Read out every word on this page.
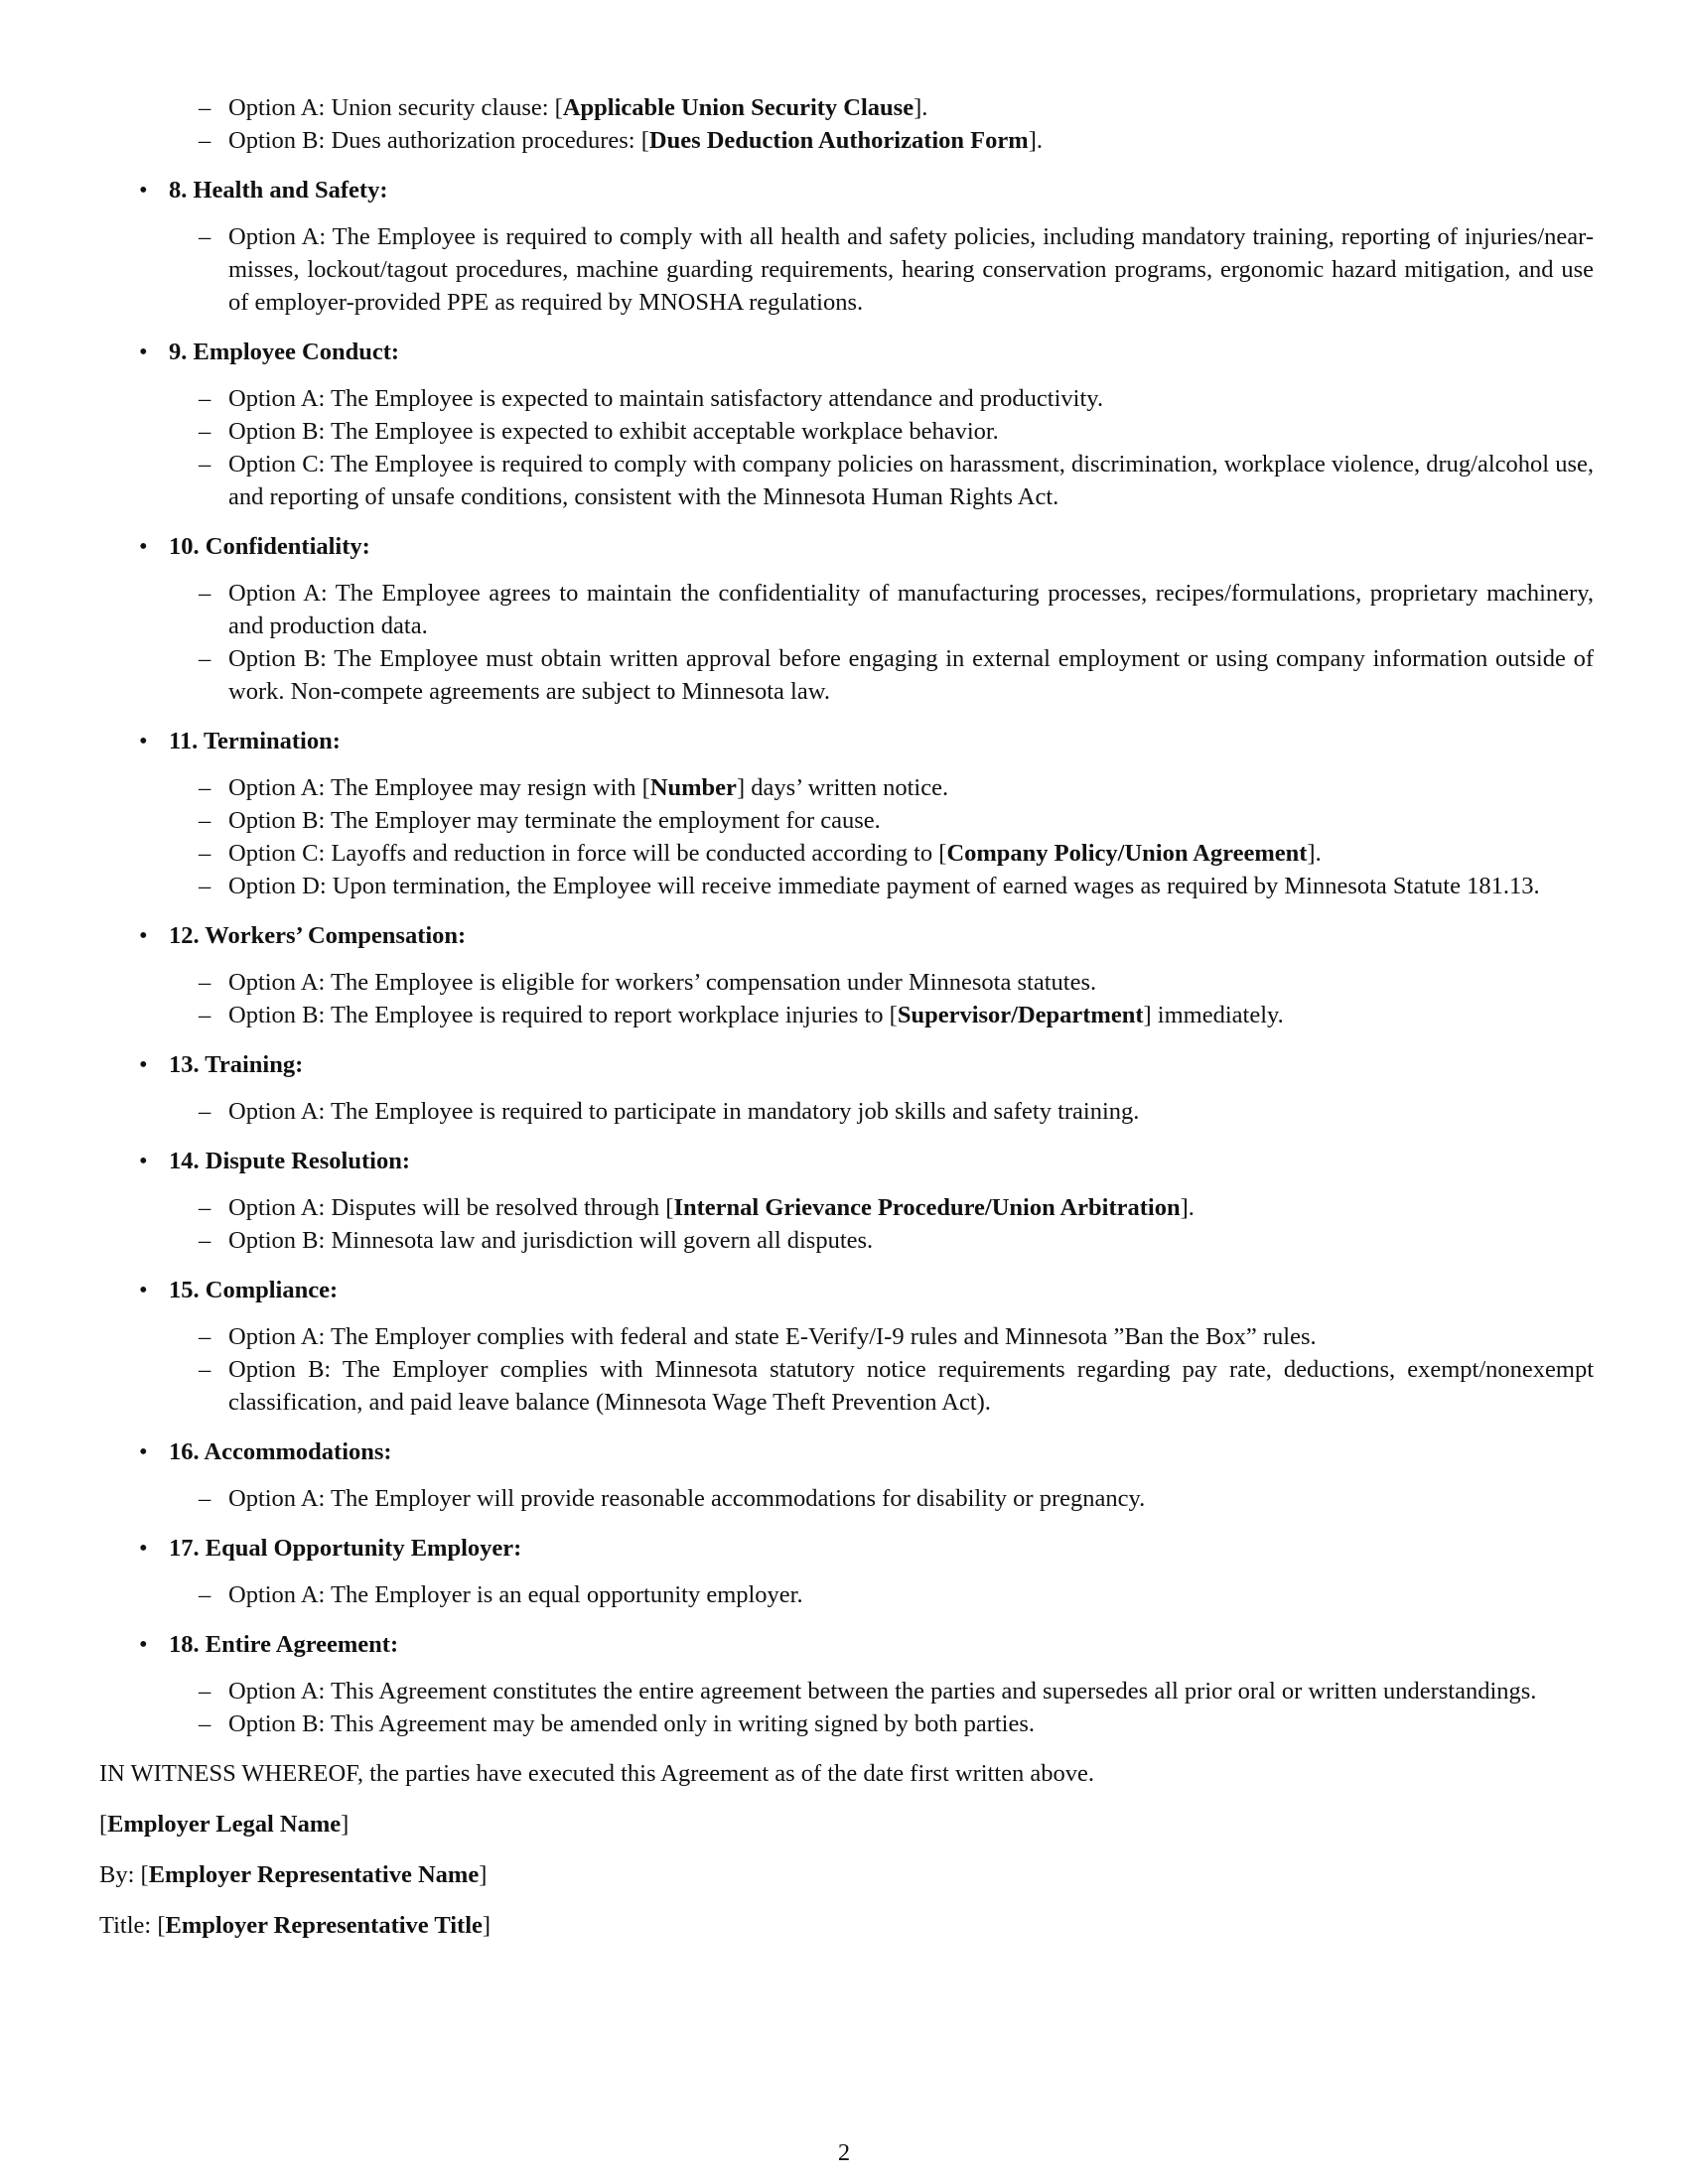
– Option A: Union security clause: [Applicable Union Security Clause].

– Option B: Dues authorization procedures: [Dues Deduction Authorization Form].

• 8. Health and Safety:

– Option A: The Employee is required to comply with all health and safety policies, including mandatory training, reporting of injuries/near-misses, lockout/tagout procedures, machine guarding requirements, hearing conservation programs, ergonomic hazard mitigation, and use of employer-provided PPE as required by MNOSHA regulations.

• 9. Employee Conduct:

– Option A: The Employee is expected to maintain satisfactory attendance and productivity.

– Option B: The Employee is expected to exhibit acceptable workplace behavior.

– Option C: The Employee is required to comply with company policies on harassment, discrimination, workplace violence, drug/alcohol use, and reporting of unsafe conditions, consistent with the Minnesota Human Rights Act.

• 10. Confidentiality:

– Option A: The Employee agrees to maintain the confidentiality of manufacturing processes, recipes/formulations, proprietary machinery, and production data.

– Option B: The Employee must obtain written approval before engaging in external employment or using company information outside of work. Non-compete agreements are subject to Minnesota law.

• 11. Termination:

– Option A: The Employee may resign with [Number] days’ written notice.

– Option B: The Employer may terminate the employment for cause.

– Option C: Layoffs and reduction in force will be conducted according to [Company Policy/Union Agreement].

– Option D: Upon termination, the Employee will receive immediate payment of earned wages as required by Minnesota Statute 181.13.

• 12. Workers’ Compensation:

– Option A: The Employee is eligible for workers’ compensation under Minnesota statutes.

– Option B: The Employee is required to report workplace injuries to [Supervisor/Department] immediately.

• 13. Training:

– Option A: The Employee is required to participate in mandatory job skills and safety training.

• 14. Dispute Resolution:

– Option A: Disputes will be resolved through [Internal Grievance Procedure/Union Arbitration].

– Option B: Minnesota law and jurisdiction will govern all disputes.

• 15. Compliance:

– Option A: The Employer complies with federal and state E-Verify/I-9 rules and Minnesota ”Ban the Box” rules.

– Option B: The Employer complies with Minnesota statutory notice requirements regarding pay rate, deductions, exempt/nonexempt classification, and paid leave balance (Minnesota Wage Theft Prevention Act).

• 16. Accommodations:

– Option A: The Employer will provide reasonable accommodations for disability or pregnancy.

• 17. Equal Opportunity Employer:

– Option A: The Employer is an equal opportunity employer.

• 18. Entire Agreement:

– Option A: This Agreement constitutes the entire agreement between the parties and supersedes all prior oral or written understandings.

– Option B: This Agreement may be amended only in writing signed by both parties.

IN WITNESS WHEREOF, the parties have executed this Agreement as of the date first written above.

[Employer Legal Name]

By: [Employer Representative Name]

Title: [Employer Representative Title]

2
